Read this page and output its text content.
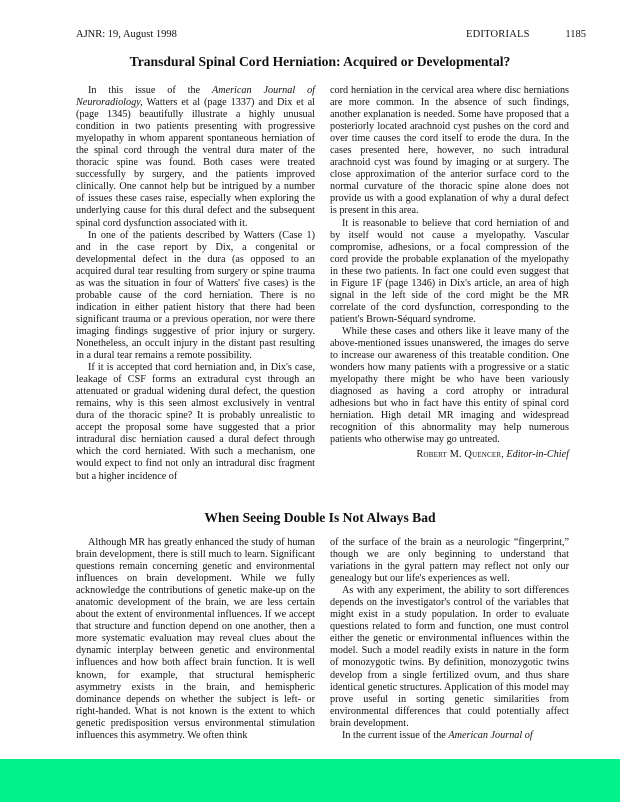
AJNR: 19, August 1998	EDITORIALS	1185
Transdural Spinal Cord Herniation: Acquired or Developmental?

In this issue of the American Journal of Neuroradiology, Watters et al (page 1337) and Dix et al (page 1345) beautifully illustrate a highly unusual condition in two patients presenting with progressive myelopathy in whom apparent spontaneous herniation of the spinal cord through the ventral dura mater of the thoracic spine was found. Both cases were treated successfully by surgery, and the patients improved clinically. One cannot help but be intrigued by a number of issues these cases raise, especially when exploring the underlying cause for this dural defect and the subsequent spinal cord dysfunction associated with it.

In one of the patients described by Watters (Case 1) and in the case report by Dix, a congenital or developmental defect in the dura (as opposed to an acquired dural tear resulting from surgery or spine trauma as was the situation in four of Watters' five cases) is the probable cause of the cord herniation. There is no indication in either patient history that there had been significant trauma or a previous operation, nor were there imaging findings suggestive of prior injury or surgery. Nonetheless, an occult injury in the distant past resulting in a dural tear remains a remote possibility.

If it is accepted that cord herniation and, in Dix's case, leakage of CSF forms an extradural cyst through an attenuated or gradual widening dural defect, the question remains, why is this seen almost exclusively in ventral dura of the thoracic spine? It is probably unrealistic to accept the proposal some have suggested that a prior intradural disc herniation caused a dural defect through which the cord herniated. With such a mechanism, one would expect to find not only an intradural disc fragment but a higher incidence of

cord herniation in the cervical area where disc herniations are more common. In the absence of such findings, another explanation is needed. Some have proposed that a posteriorly located arachnoid cyst pushes on the cord and over time causes the cord itself to erode the dura. In the cases presented here, however, no such intradural arachnoid cyst was found by imaging or at surgery. The close approximation of the anterior surface cord to the normal curvature of the thoracic spine alone does not provide us with a good explanation of why a dural defect is present in this area.

It is reasonable to believe that cord herniation of and by itself would not cause a myelopathy. Vascular compromise, adhesions, or a focal compression of the cord provide the probable explanation of the myelopathy in these two patients. In fact one could even suggest that in Figure 1F (page 1346) in Dix's article, an area of high signal in the left side of the cord might be the MR correlate of the cord dysfunction, corresponding to the patient's Brown-Séquard syndrome.

While these cases and others like it leave many of the above-mentioned issues unanswered, the images do serve to increase our awareness of this treatable condition. One wonders how many patients with a progressive or a static myelopathy there might be who have been variously diagnosed as having a cord atrophy or intradural adhesions but who in fact have this entity of spinal cord herniation. High detail MR imaging and widespread recognition of this abnormality may help numerous patients who otherwise may go untreated.

Robert M. Quencer, Editor-in-Chief
When Seeing Double Is Not Always Bad

Although MR has greatly enhanced the study of human brain development, there is still much to learn. Significant questions remain concerning genetic and environmental influences on brain development. While we fully acknowledge the contributions of genetic make-up on the anatomic development of the brain, we are less certain about the extent of environmental influences. If we accept that structure and function depend on one another, then a more systematic evaluation may reveal clues about the dynamic interplay between genetic and environmental influences and how both affect brain function. It is well known, for example, that structural hemispheric asymmetry exists in the brain, and hemispheric dominance depends on whether the subject is left- or right-handed. What is not known is the extent to which genetic predisposition versus environmental stimulation influences this asymmetry. We often think

of the surface of the brain as a neurologic “fingerprint,” though we are only beginning to understand that variations in the gyral pattern may reflect not only our genealogy but our life's experiences as well.

As with any experiment, the ability to sort differences depends on the investigator's control of the variables that might exist in a study population. In order to evaluate questions related to form and function, one must control either the genetic or environmental influences within the model. Such a model readily exists in nature in the form of monozygotic twins. By definition, monozygotic twins develop from a single fertilized ovum, and thus share identical genetic structures. Application of this model may prove useful in sorting genetic similarities from environmental differences that could potentially affect brain development.

In the current issue of the American Journal of
